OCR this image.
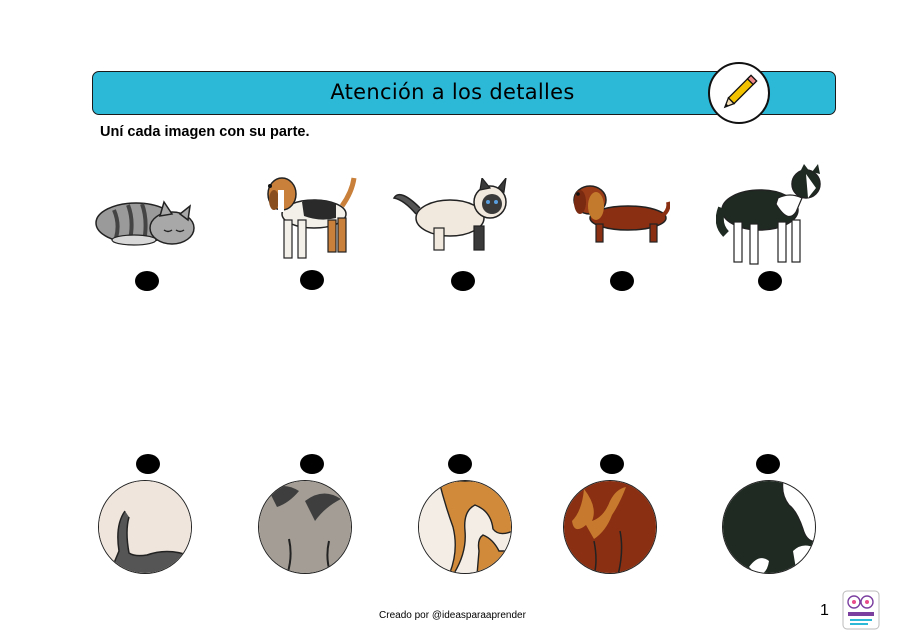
Atención a los detalles
Uní cada imagen con su parte.
Creado por @ideasparaaprender	1
